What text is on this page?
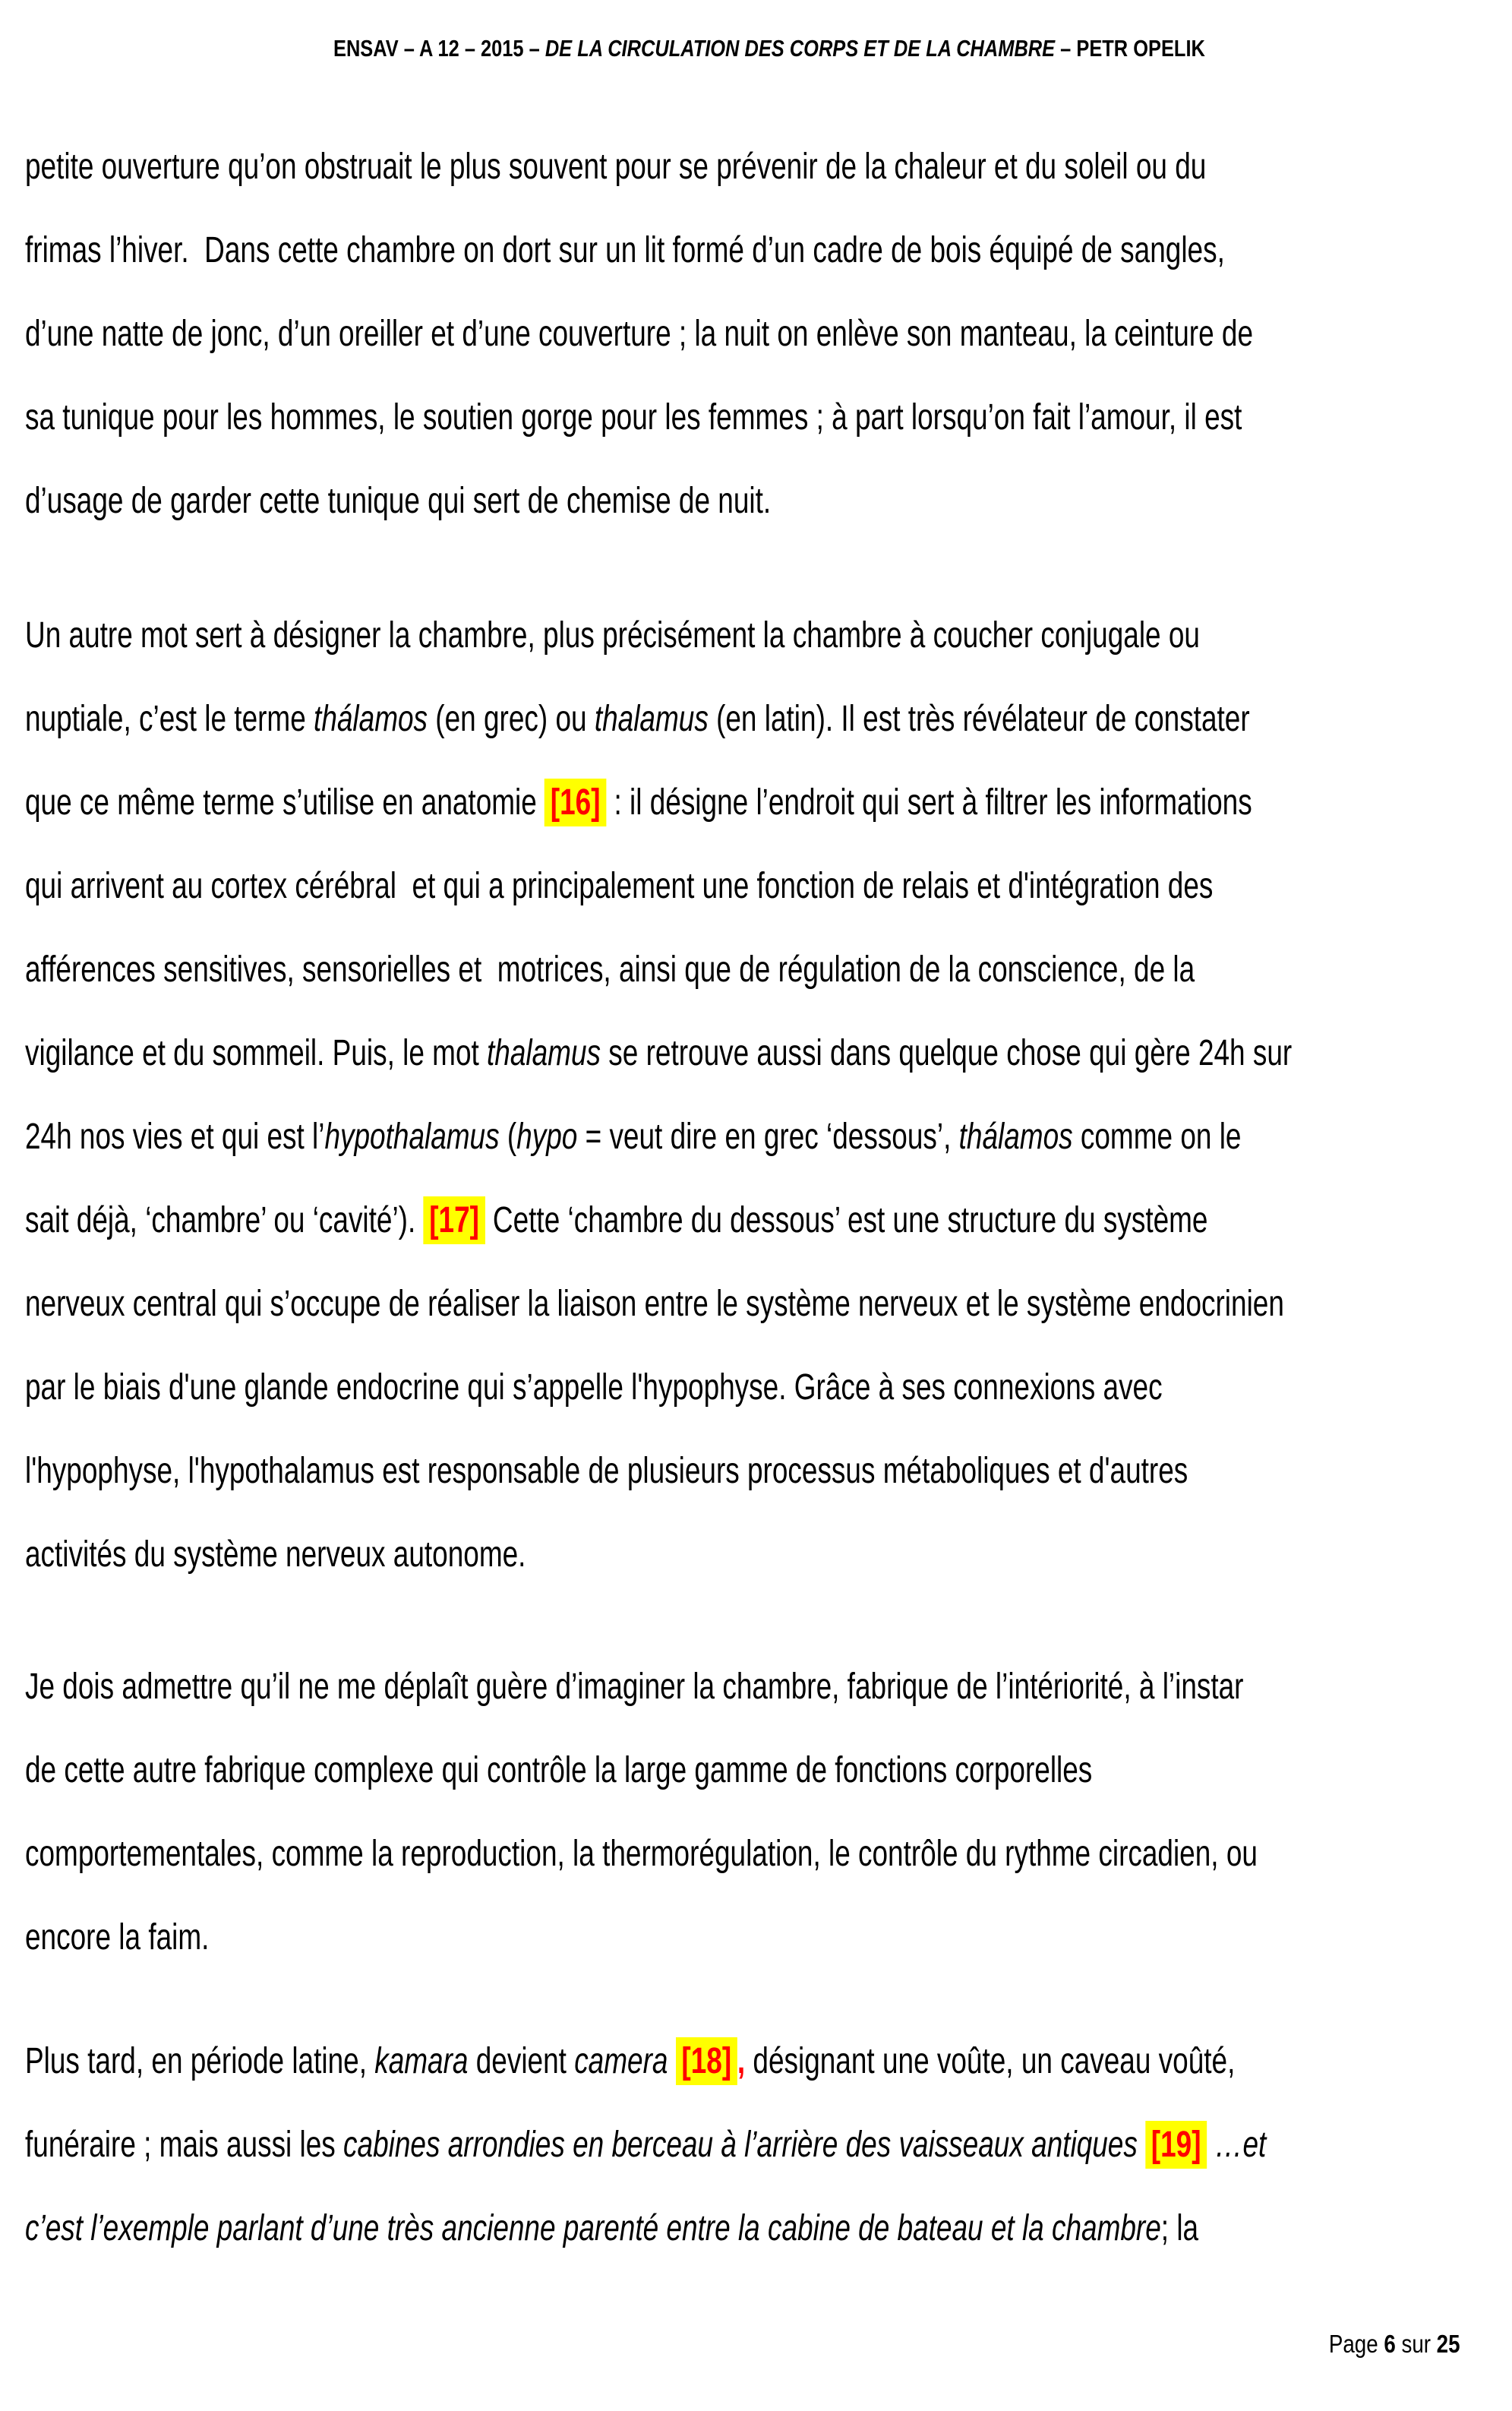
ENSAV – A 12 – 2015 – DE LA CIRCULATION DES CORPS ET DE LA CHAMBRE – PETR OPELIK

petite ouverture qu’on obstruait le plus souvent pour se prévenir de la chaleur et du soleil ou du
frimas l’hiver.  Dans cette chambre on dort sur un lit formé d’un cadre de bois équipé de sangles,
d’une natte de jonc, d’un oreiller et d’une couverture ; la nuit on enlève son manteau, la ceinture de
sa tunique pour les hommes, le soutien gorge pour les femmes ; à part lorsqu’on fait l’amour, il est
d’usage de garder cette tunique qui sert de chemise de nuit.
Un autre mot sert à désigner la chambre, plus précisément la chambre à coucher conjugale ou
nuptiale, c’est le terme thálamos (en grec) ou thalamus (en latin). Il est très révélateur de constater
que ce même terme s’utilise en anatomie [16] : il désigne l’endroit qui sert à filtrer les informations
qui arrivent au cortex cérébral  et qui a principalement une fonction de relais et d'intégration des
afférences sensitives, sensorielles et  motrices, ainsi que de régulation de la conscience, de la
vigilance et du sommeil. Puis, le mot thalamus se retrouve aussi dans quelque chose qui gère 24h sur
24h nos vies et qui est l’hypothalamus (hypo = veut dire en grec ‘dessous’, thálamos comme on le
sait déjà, ‘chambre’ ou ‘cavité’). [17] Cette ‘chambre du dessous’ est une structure du système
nerveux central qui s’occupe de réaliser la liaison entre le système nerveux et le système endocrinien
par le biais d'une glande endocrine qui s’appelle l'hypophyse. Grâce à ses connexions avec
l'hypophyse, l'hypothalamus est responsable de plusieurs processus métaboliques et d'autres
activités du système nerveux autonome.
Je dois admettre qu’il ne me déplaît guère d’imaginer la chambre, fabrique de l’intériorité, à l’instar
de cette autre fabrique complexe qui contrôle la large gamme de fonctions corporelles
comportementales, comme la reproduction, la thermorégulation, le contrôle du rythme circadien, ou
encore la faim.
Plus tard, en période latine, kamara devient camera [18] , désignant une voûte, un caveau voûté,
funéraire ; mais aussi les cabines arrondies en berceau à l’arrière des vaisseaux antiques [19] …et
c’est l’exemple parlant d’une très ancienne parenté entre la cabine de bateau et la chambre; la

Page 6 sur 25
